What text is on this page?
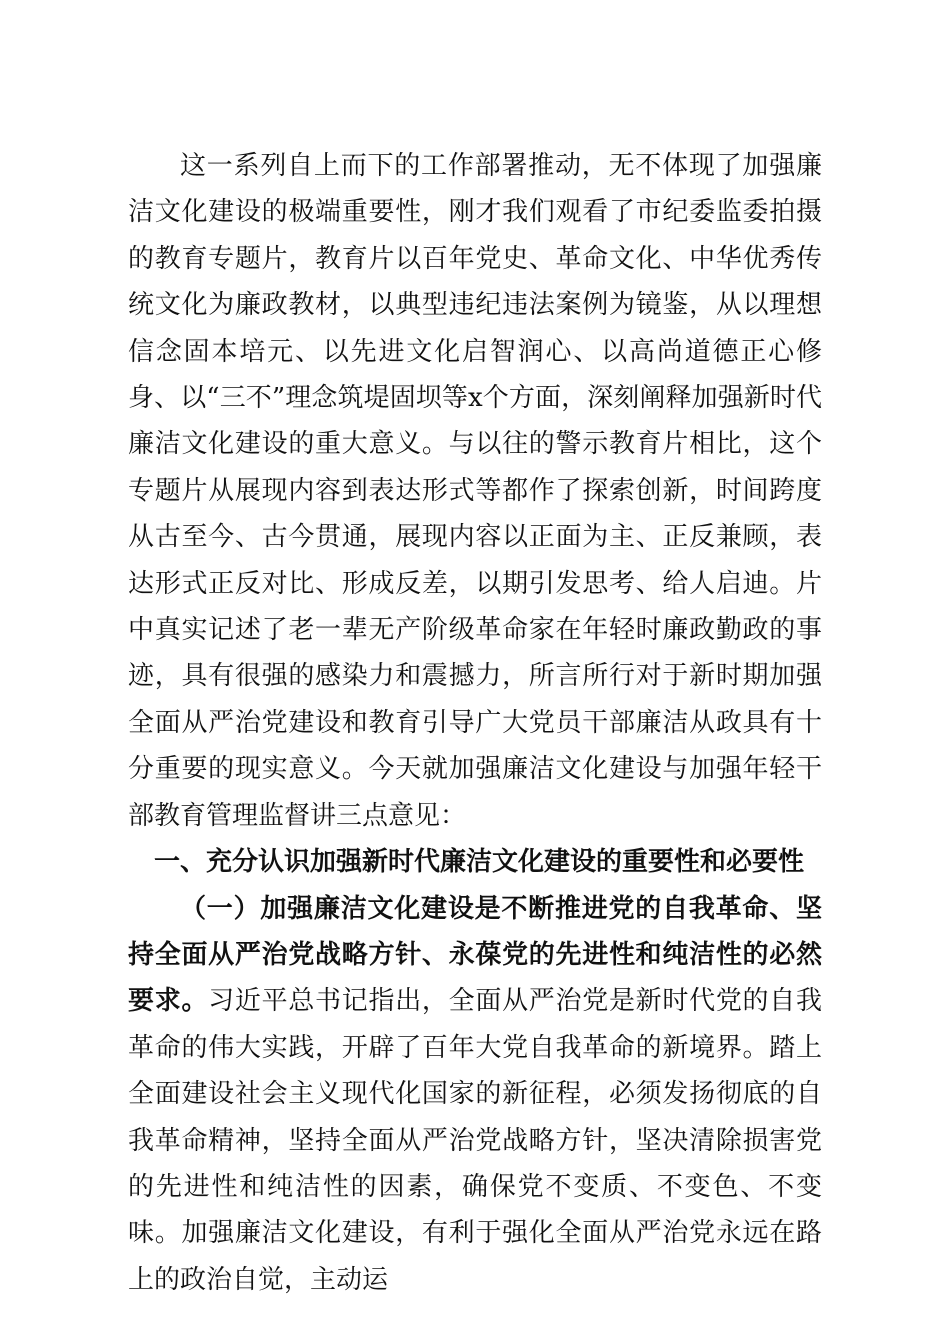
这一系列自上而下的工作部署推动，无不体现了加强廉洁文化建设的极端重要性，刚才我们观看了市纪委监委拍摄的教育专题片，教育片以百年党史、革命文化、中华优秀传统文化为廉政教材，以典型违纪违法案例为镜鉴，从以理想信念固本培元、以先进文化启智润心、以高尚道德正心修身、以“三不”理念筑堤固坝等x个方面，深刻阐释加强新时代廉洁文化建设的重大意义。与以往的警示教育片相比，这个专题片从展现内容到表达形式等都作了探索创新，时间跨度从古至今、古今贯通，展现内容以正面为主、正反兼顾，表达形式正反对比、形成反差，以期引发思考、给人启迪。片中真实记述了老一辈无产阶级革命家在年轻时廉政勤政的事迹，具有很强的感染力和震撼力，所言所行对于新时期加强全面从严治党建设和教育引导广大党员干部廉洁从政具有十分重要的现实意义。今天就加强廉洁文化建设与加强年轻干部教育管理监督讲三点意见：

一、充分认识加强新时代廉洁文化建设的重要性和必要性

（一）加强廉洁文化建设是不断推进党的自我革命、坚持全面从严治党战略方针、永葆党的先进性和纯洁性的必然要求。习近平总书记指出，全面从严治党是新时代党的自我革命的伟大实践，开辟了百年大党自我革命的新境界。踏上全面建设社会主义现代化国家的新征程，必须发扬彻底的自我革命精神，坚持全面从严治党战略方针，坚决清除损害党的先进性和纯洁性的因素，确保党不变质、不变色、不变味。加强廉洁文化建设，有利于强化全面从严治党永远在路上的政治自觉，主动运
